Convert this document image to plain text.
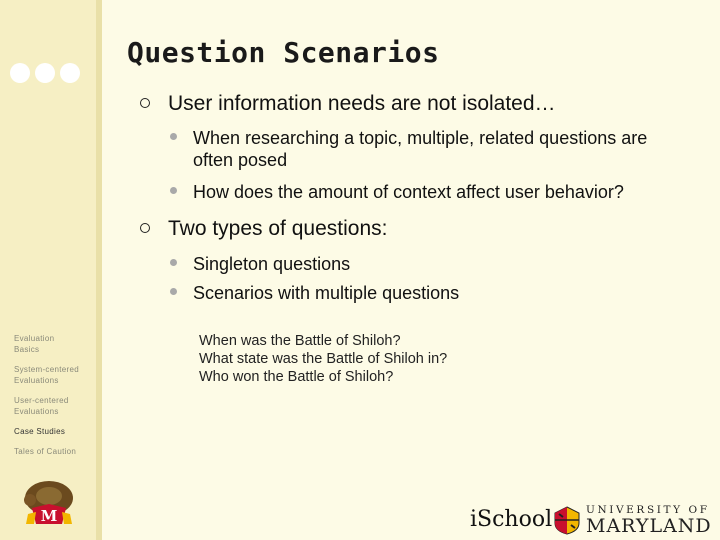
Evaluation
Basics
System-centered
Evaluations
User-centered
Evaluations
Case Studies
Tales of Caution
M
Question Scenarios
User information needs are not isolated…
When researching a topic, multiple, related questions are often posed
How does the amount of context affect user behavior?
Two types of questions:
Singleton questions
Scenarios with multiple questions
When was the Battle of Shiloh?
What state was the Battle of Shiloh in?
Who won the Battle of Shiloh?
iSchool	UNIVERSITY OF
MARYLAND
